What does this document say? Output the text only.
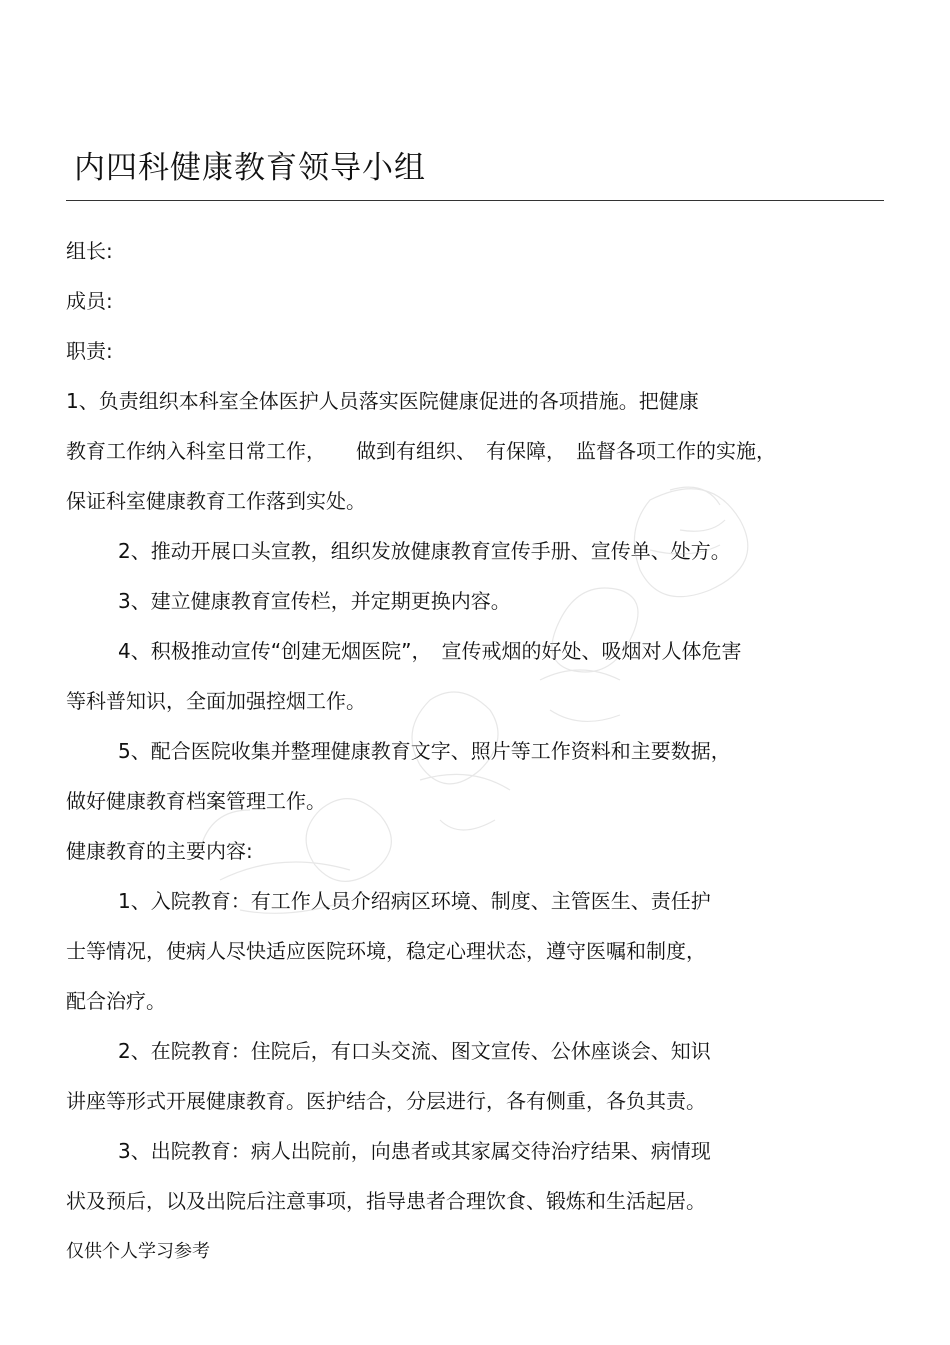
内四科健康教育领导小组
组长:
成员:
职责:
1、负责组织本科室全体医护人员落实医院健康促进的各项措施。把健康
教育工作纳入科室日常工作，　　做到有组织、　有保障，　监督各项工作的实施，
保证科室健康教育工作落到实处。
2、推动开展口头宣教，组织发放健康教育宣传手册、宣传单、处方。
3、建立健康教育宣传栏，并定期更换内容。
4、积极推动宣传“创建无烟医院”，　宣传戒烟的好处、吸烟对人体危害
等科普知识，全面加强控烟工作。
5、配合医院收集并整理健康教育文字、照片等工作资料和主要数据，
做好健康教育档案管理工作。
健康教育的主要内容:
1、入院教育：有工作人员介绍病区环境、制度、主管医生、责任护
士等情况，使病人尽快适应医院环境，稳定心理状态，遵守医嘱和制度，
配合治疗。
2、在院教育：住院后，有口头交流、图文宣传、公休座谈会、知识
讲座等形式开展健康教育。医护结合，分层进行，各有侧重，各负其责。
3、出院教育：病人出院前，向患者或其家属交待治疗结果、病情现
状及预后，以及出院后注意事项，指导患者合理饮食、锻炼和生活起居。
仅供个人学习参考
